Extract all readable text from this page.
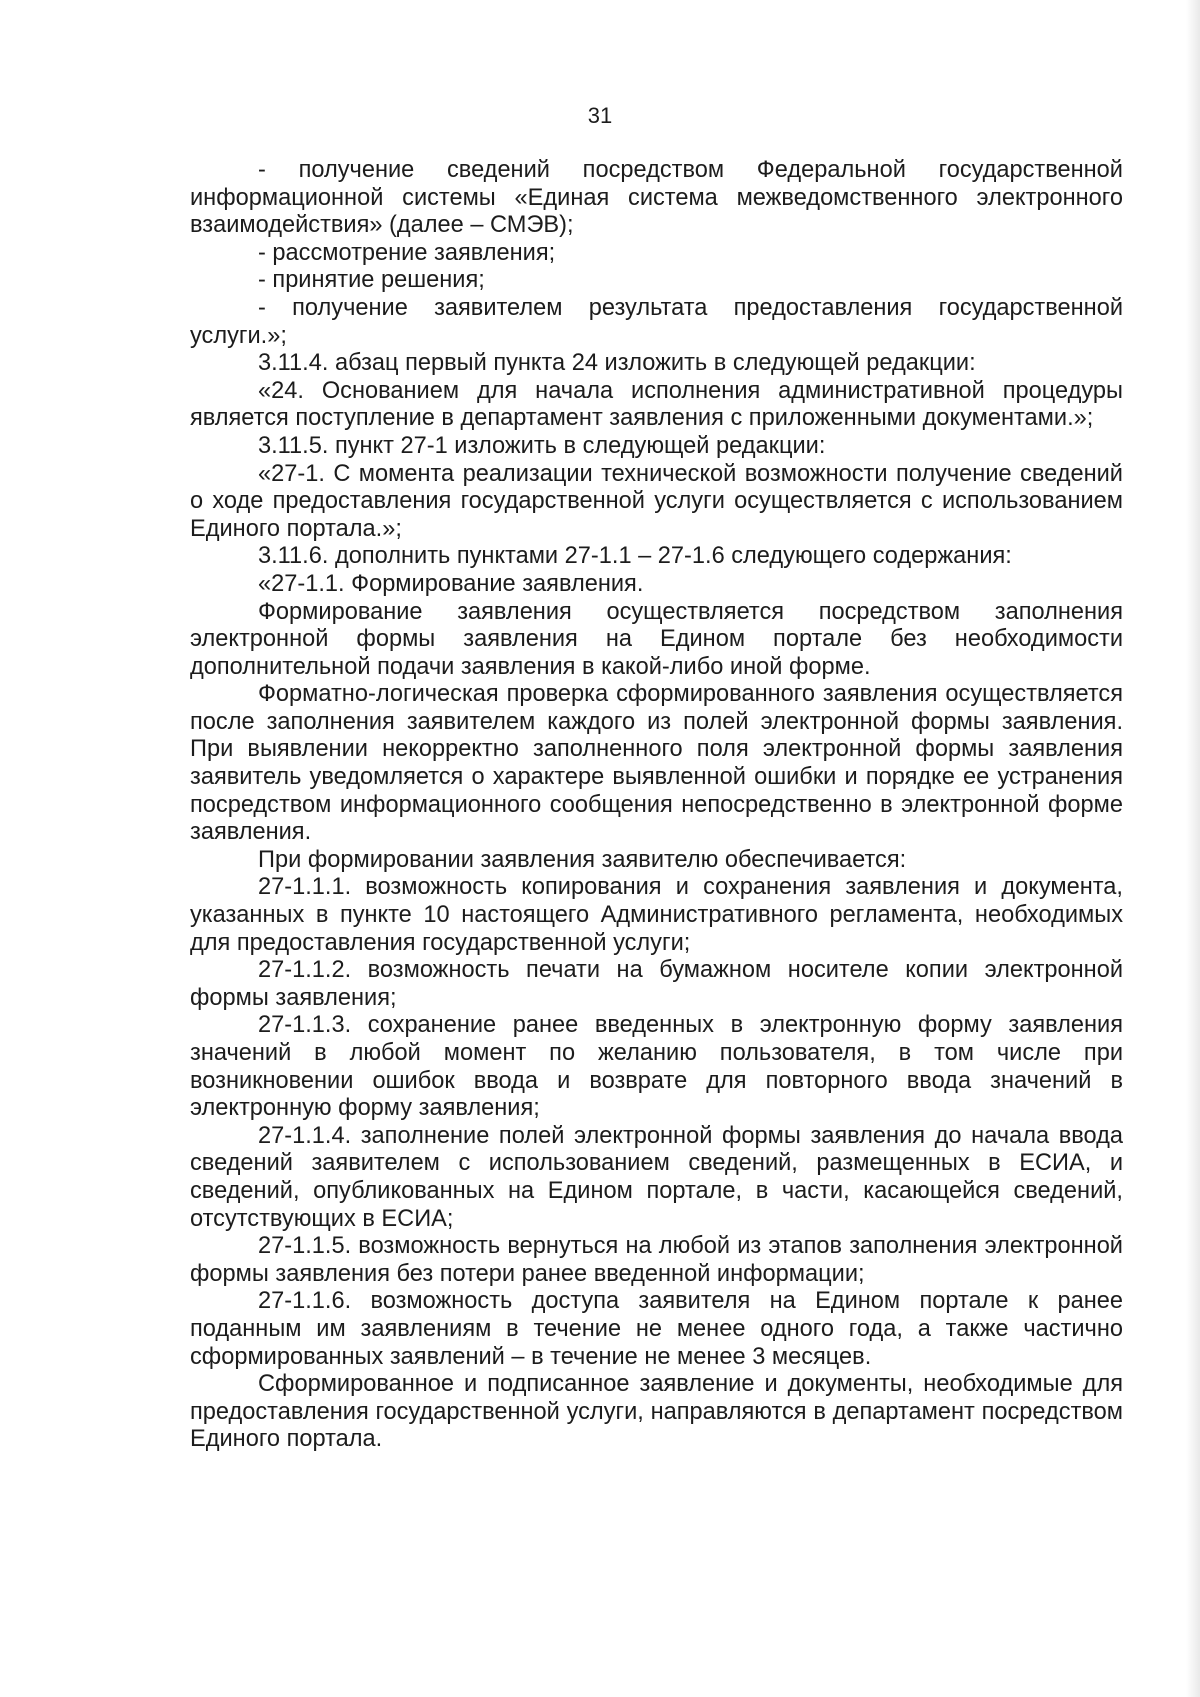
31

- получение сведений посредством Федеральной государственной информационной системы «Единая система межведомственного электронного взаимодействия» (далее – СМЭВ);

- рассмотрение заявления;

- принятие решения;

- получение заявителем результата предоставления государственной услуги.»;

3.11.4. абзац первый пункта 24 изложить в следующей редакции:

«24. Основанием для начала исполнения административной процедуры является поступление в департамент заявления с приложенными документами.»;

3.11.5. пункт 27-1 изложить в следующей редакции:

«27-1. С момента реализации технической возможности получение сведений о ходе предоставления государственной услуги осуществляется с использованием Единого портала.»;

3.11.6. дополнить пунктами 27-1.1 – 27-1.6 следующего содержания:

«27-1.1. Формирование заявления.

Формирование заявления осуществляется посредством заполнения электронной формы заявления на Едином портале без необходимости дополнительной подачи заявления в какой-либо иной форме.

Форматно-логическая проверка сформированного заявления осуществляется после заполнения заявителем каждого из полей электронной формы заявления. При выявлении некорректно заполненного поля электронной формы заявления заявитель уведомляется о характере выявленной ошибки и порядке ее устранения посредством информационного сообщения непосредственно в электронной форме заявления.

При формировании заявления заявителю обеспечивается:

27-1.1.1. возможность копирования и сохранения заявления и документа, указанных в пункте 10 настоящего Административного регламента, необходимых для предоставления государственной услуги;

27-1.1.2. возможность печати на бумажном носителе копии электронной формы заявления;

27-1.1.3. сохранение ранее введенных в электронную форму заявления значений в любой момент по желанию пользователя, в том числе при возникновении ошибок ввода и возврате для повторного ввода значений в электронную форму заявления;

27-1.1.4. заполнение полей электронной формы заявления до начала ввода сведений заявителем с использованием сведений, размещенных в ЕСИА, и сведений, опубликованных на Едином портале, в части, касающейся сведений, отсутствующих в ЕСИА;

27-1.1.5. возможность вернуться на любой из этапов заполнения электронной формы заявления без потери ранее введенной информации;

27-1.1.6. возможность доступа заявителя на Едином портале к ранее поданным им заявлениям в течение не менее одного года, а также частично сформированных заявлений – в течение не менее 3 месяцев.

Сформированное и подписанное заявление и документы, необходимые для предоставления государственной услуги, направляются в департамент посредством Единого портала.
